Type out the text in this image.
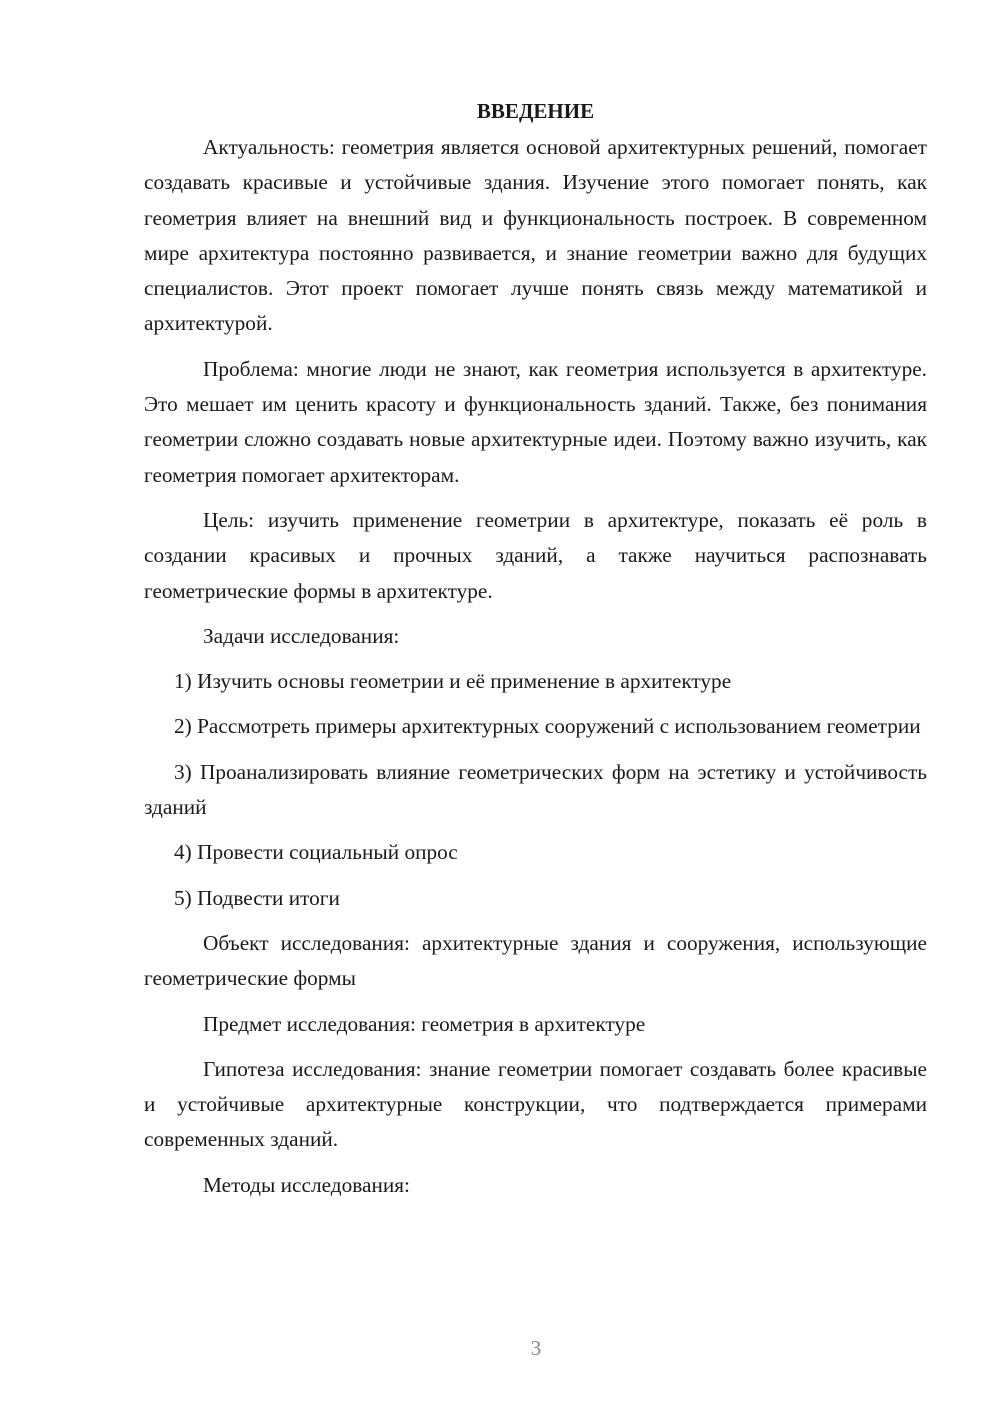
ВВЕДЕНИЕ

Актуальность: геометрия является основой архитектурных решений, помогает создавать красивые и устойчивые здания. Изучение этого помогает понять, как геометрия влияет на внешний вид и функциональность построек. В современном мире архитектура постоянно развивается, и знание геометрии важно для будущих специалистов. Этот проект помогает лучше понять связь между математикой и архитектурой.

Проблема: многие люди не знают, как геометрия используется в архитектуре. Это мешает им ценить красоту и функциональность зданий. Также, без понимания геометрии сложно создавать новые архитектурные идеи. Поэтому важно изучить, как геометрия помогает архитекторам.

Цель: изучить применение геометрии в архитектуре, показать её роль в создании красивых и прочных зданий, а также научиться распознавать геометрические формы в архитектуре.

Задачи исследования:

1) Изучить основы геометрии и её применение в архитектуре

2) Рассмотреть примеры архитектурных сооружений с использованием геометрии

3) Проанализировать влияние геометрических форм на эстетику и устойчивость зданий

4) Провести социальный опрос

5) Подвести итоги

Объект исследования: архитектурные здания и сооружения, использующие геометрические формы

Предмет исследования: геометрия в архитектуре

Гипотеза исследования: знание геометрии помогает создавать более красивые и устойчивые архитектурные конструкции, что подтверждается примерами современных зданий.

Методы исследования:

3
